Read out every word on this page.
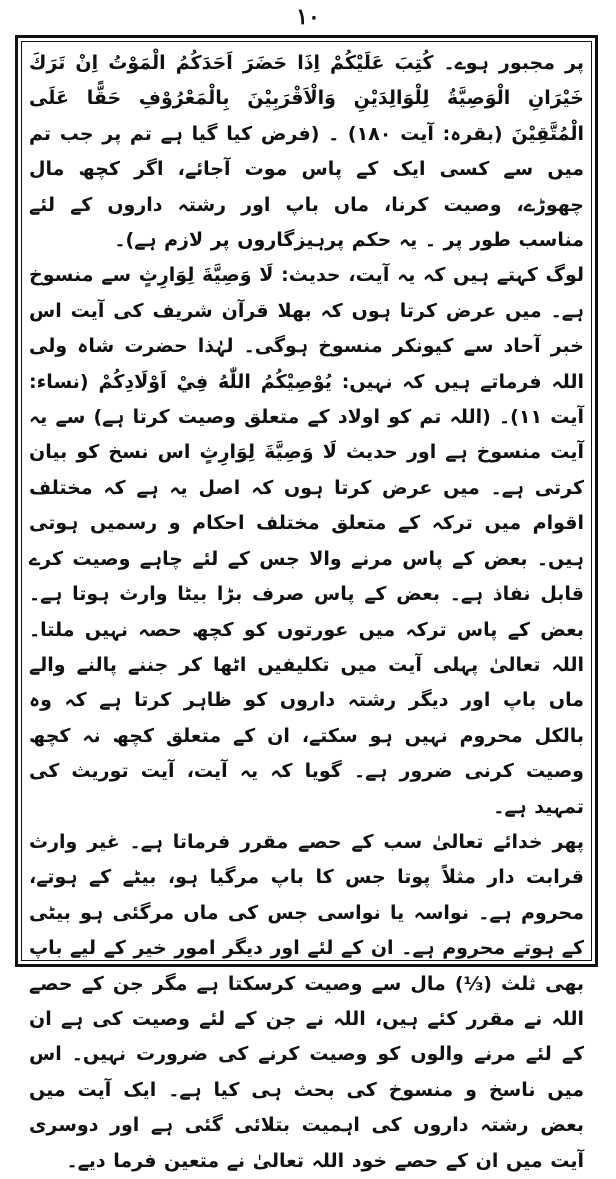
۱۰

پر مجبور ہوے۔ كُتِبَ عَلَيْكُمْ اِذَا حَضَرَ اَحَدَكُمُ الْمَوْتُ اِنْ تَرَكَ خَيْرَانِ الْوَصِيَّةُ لِلْوَالِدَيْنِ وَالْاَقْرَبِيْنَ بِالْمَعْرُوْفِ حَقًّا عَلَى الْمُتَّقِيْنَ (بقرہ: آیت ۱۸۰) ۔ (فرض کیا گیا ہے تم پر جب تم میں سے کسی ایک کے پاس موت آجائے، اگر کچھ مال چھوڑے، وصیت کرنا، ماں باپ اور رشتہ داروں کے لئے مناسب طور پر ۔ یہ حکم پرہیزگاروں پر لازم ہے)۔

لوگ کہتے ہیں کہ یہ آیت، حدیث: لَا وَصِيَّةَ لِوَارِثٍ سے منسوخ ہے۔ میں عرض کرتا ہوں کہ بھلا قرآن شریف کی آیت اس خبر آحاد سے کیونکر منسوخ ہوگی۔ لہٰذا حضرت شاہ ولی اللہ فرماتے ہیں کہ نہیں: يُوْصِيْكُمُ اللّٰهُ فِيْ اَوْلَادِكُمْ (نساء: آیت ۱۱)۔ (اللہ تم کو اولاد کے متعلق وصیت کرتا ہے) سے یہ آیت منسوخ ہے اور حدیث لَا وَصِيَّةَ لِوَارِثٍ اس نسخ کو بیان کرتی ہے۔ میں عرض کرتا ہوں کہ اصل یہ ہے کہ مختلف اقوام میں ترکہ کے متعلق مختلف احکام و رسمیں ہوتی ہیں۔ بعض کے پاس مرنے والا جس کے لئے چاہے وصیت کرے قابل نفاذ ہے۔ بعض کے پاس صرف بڑا بیٹا وارث ہوتا ہے۔ بعض کے پاس ترکہ میں عورتوں کو کچھ حصہ نہیں ملتا۔ اللہ تعالیٰ پہلی آیت میں تکلیفیں اٹھا کر جننے پالنے والے ماں باپ اور دیگر رشتہ داروں کو ظاہر کرتا ہے کہ وہ بالکل محروم نہیں ہو سکتے، ان کے متعلق کچھ نہ کچھ وصیت کرنی ضرور ہے۔ گویا کہ یہ آیت، آیت توریث کی تمہید ہے۔

پھر خدائے تعالیٰ سب کے حصے مقرر فرماتا ہے۔ غیر وارث قرابت دار مثلاً پوتا جس کا باپ مرگیا ہو، بیٹے کے ہوتے، محروم ہے۔ نواسہ یا نواسی جس کی ماں مرگئی ہو بیٹی کے ہوتے محروم ہے۔ ان کے لئے اور دیگر امور خیر کے لیے باپ بھی ثلث (⅓) مال سے وصیت کرسکتا ہے مگر جن کے حصے اللہ نے مقرر کئے ہیں، اللہ نے جن کے لئے وصیت کی ہے ان کے لئے مرنے والوں کو وصیت کرنے کی ضرورت نہیں۔ اس میں ناسخ و منسوخ کی بحث ہی کیا ہے۔ ایک آیت میں بعض رشتہ داروں کی اہمیت بتلائی گئی ہے اور دوسری آیت میں ان کے حصے خود اللہ تعالیٰ نے متعین فرما دیے۔
